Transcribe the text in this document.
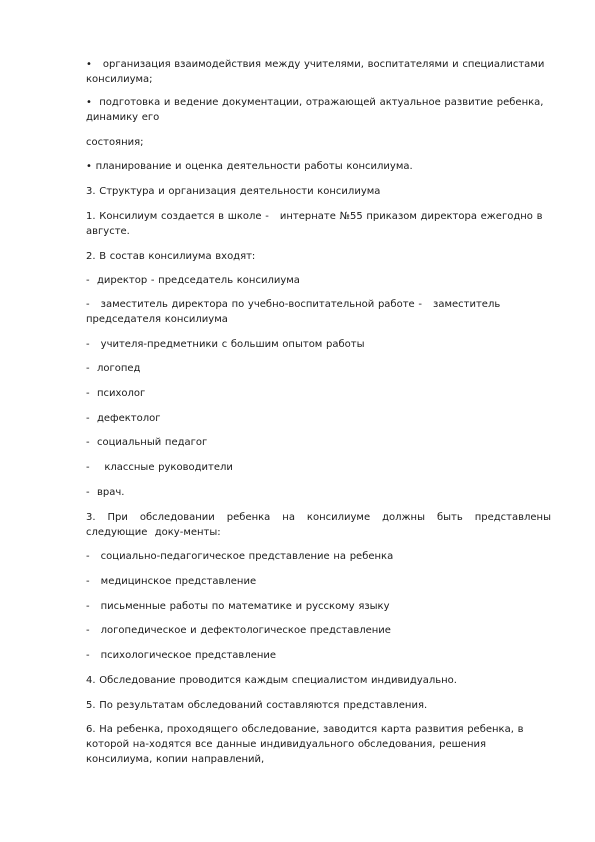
•   организация взаимодействия между учителями, воспитателями и специалистами консилиума;

•  подготовка и ведение документации, отражающей актуальное развитие ребенка, динамику его

состояния;

• планирование и оценка деятельности работы консилиума.

3. Структура и организация деятельности консилиума

1. Консилиум создается в школе -   интернате №55 приказом директора ежегодно в августе.

2. В состав консилиума входят:

-  директор - председатель консилиума

-   заместитель директора по учебно-воспитательной работе -   заместитель председателя консилиума

-   учителя-предметники с большим опытом работы

-  логопед

-  психолог

-  дефектолог

-  социальный педагог

-    классные руководители

-  врач.

3.  При  обследовании  ребенка  на  консилиуме  должны  быть  представлены следующие  доку-менты:

-   социально-педагогическое представление на ребенка

-   медицинское представление

-   письменные работы по математике и русскому языку

-   логопедическое и дефектологическое представление

-   психологическое представление

4. Обследование проводится каждым специалистом индивидуально.

5. По результатам обследований составляются представления.

6. На ребенка, проходящего обследование, заводится карта развития ребенка, в которой на-ходятся все данные индивидуального обследования, решения консилиума, копии направлений,
